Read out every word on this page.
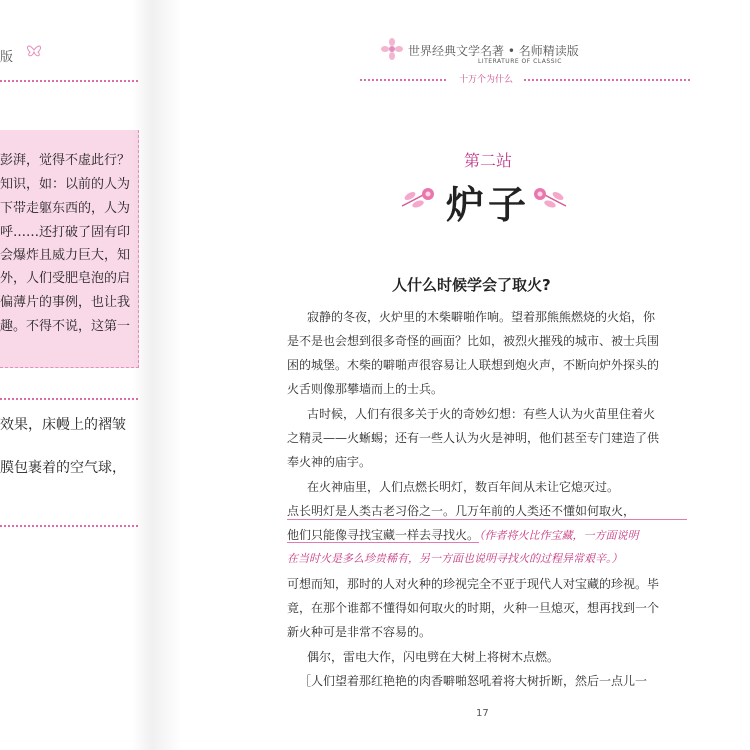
版
彭湃，觉得不虚此行？
知识，如：以前的人为
下带走躯东西的，人为
呼……还打破了固有印
会爆炸且威力巨大，知
外，人们受肥皂泡的启
偏薄片的事例，也让我
趣。不得不说，这第一
效果，床幔上的褶皱
膜包裹着的空气球，
世界经典文学名著 • 名师精读版
LITERATURE OF CLASSIC
十万个为什么
第二站
炉子
人什么时候学会了取火?
寂静的冬夜，火炉里的木柴噼啪作响。望着那熊熊燃烧的火焰，你
是不是也会想到很多奇怪的画面？比如，被烈火摧残的城市、被士兵围
困的城堡。木柴的噼啪声很容易让人联想到炮火声，不断向炉外探头的
火舌则像那攀墙而上的士兵。
古时候，人们有很多关于火的奇妙幻想：有些人认为火苗里住着火
之精灵——火蜥蜴；还有一些人认为火是神明，他们甚至专门建造了供
奉火神的庙宇。
在火神庙里，人们点燃长明灯，数百年间从未让它熄灭过。
点长明灯是人类古老习俗之一。几万年前的人类还不懂如何取火，
他们只能像寻找宝藏一样去寻找火。（作者将火比作宝藏，一方面说明
在当时火是多么珍贵稀有，另一方面也说明寻找火的过程异常艰辛。）
可想而知，那时的人对火种的珍视完全不亚于现代人对宝藏的珍视。毕
竟，在那个谁都不懂得如何取火的时期，火种一旦熄灭，想再找到一个
新火种可是非常不容易的。
偶尔，雷电大作，闪电劈在大树上将树木点燃。
［人们望着那红艳艳的肉香噼啪怒吼着将大树折断，然后一点儿一
17
